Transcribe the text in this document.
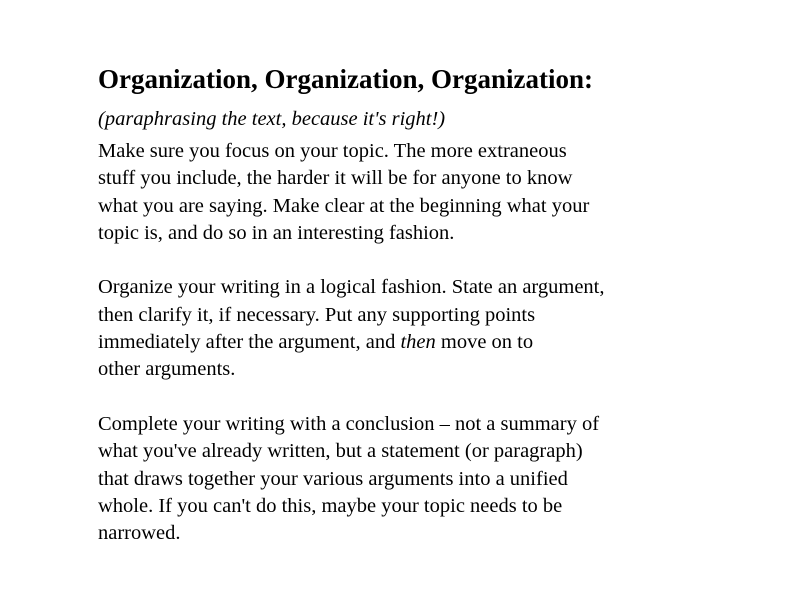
Organization, Organization, Organization:
(paraphrasing the text, because it's right!)
Make sure you focus on your topic. The more extraneous
stuff you include, the harder it will be for anyone to know
what you are saying. Make clear at the beginning what your
topic is, and do so in an interesting fashion.
Organize your writing in a logical fashion. State an argument,
then clarify it, if necessary. Put any supporting points
immediately after the argument, and then move on to
other arguments.
Complete your writing with a conclusion – not a summary of
what you've already written, but a statement (or paragraph)
that draws together your various arguments into a unified
whole. If you can't do this, maybe your topic needs to be
narrowed.
